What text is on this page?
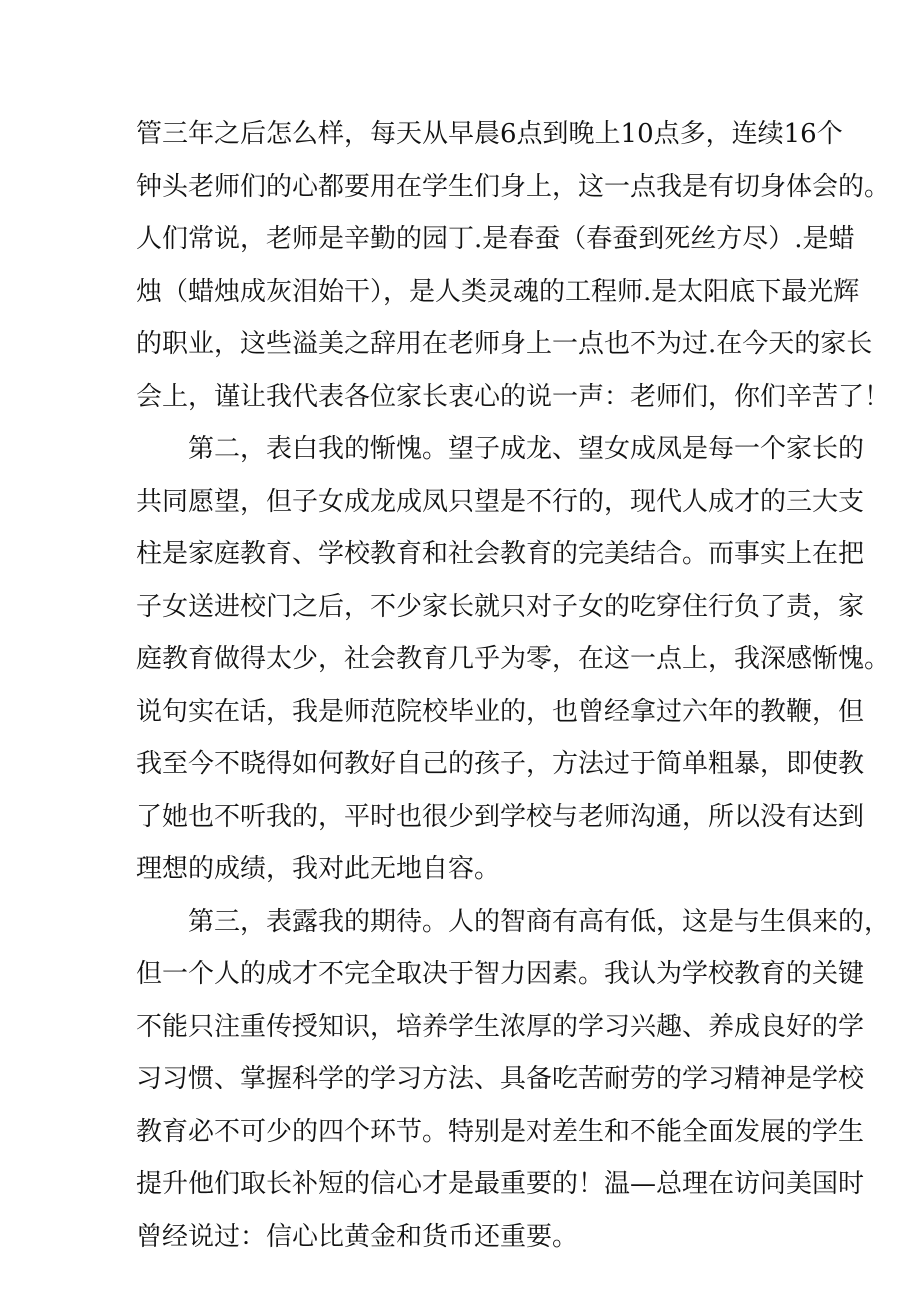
管三年之后怎么样，每天从早晨6点到晚上10点多，连续16个
钟头老师们的心都要用在学生们身上，这一点我是有切身体会的。
人们常说，老师是辛勤的园丁.是春蚕（春蚕到死丝方尽）.是蜡
烛（蜡烛成灰泪始干），是人类灵魂的工程师.是太阳底下最光辉
的职业，这些溢美之辞用在老师身上一点也不为过.在今天的家长
会上，谨让我代表各位家长衷心的说一声：老师们，你们辛苦了！
第二，表白我的惭愧。望子成龙、望女成凤是每一个家长的
共同愿望，但子女成龙成凤只望是不行的，现代人成才的三大支
柱是家庭教育、学校教育和社会教育的完美结合。而事实上在把
子女送进校门之后，不少家长就只对子女的吃穿住行负了责，家
庭教育做得太少，社会教育几乎为零，在这一点上，我深感惭愧。
说句实在话，我是师范院校毕业的，也曾经拿过六年的教鞭，但
我至今不晓得如何教好自己的孩子，方法过于简单粗暴，即使教
了她也不听我的，平时也很少到学校与老师沟通，所以没有达到
理想的成绩，我对此无地自容。
第三，表露我的期待。人的智商有高有低，这是与生俱来的，
但一个人的成才不完全取决于智力因素。我认为学校教育的关键
不能只注重传授知识，培养学生浓厚的学习兴趣、养成良好的学
习习惯、掌握科学的学习方法、具备吃苦耐劳的学习精神是学校
教育必不可少的四个环节。特别是对差生和不能全面发展的学生
提升他们取长补短的信心才是最重要的！温—总理在访问美国时
曾经说过：信心比黄金和货币还重要。
